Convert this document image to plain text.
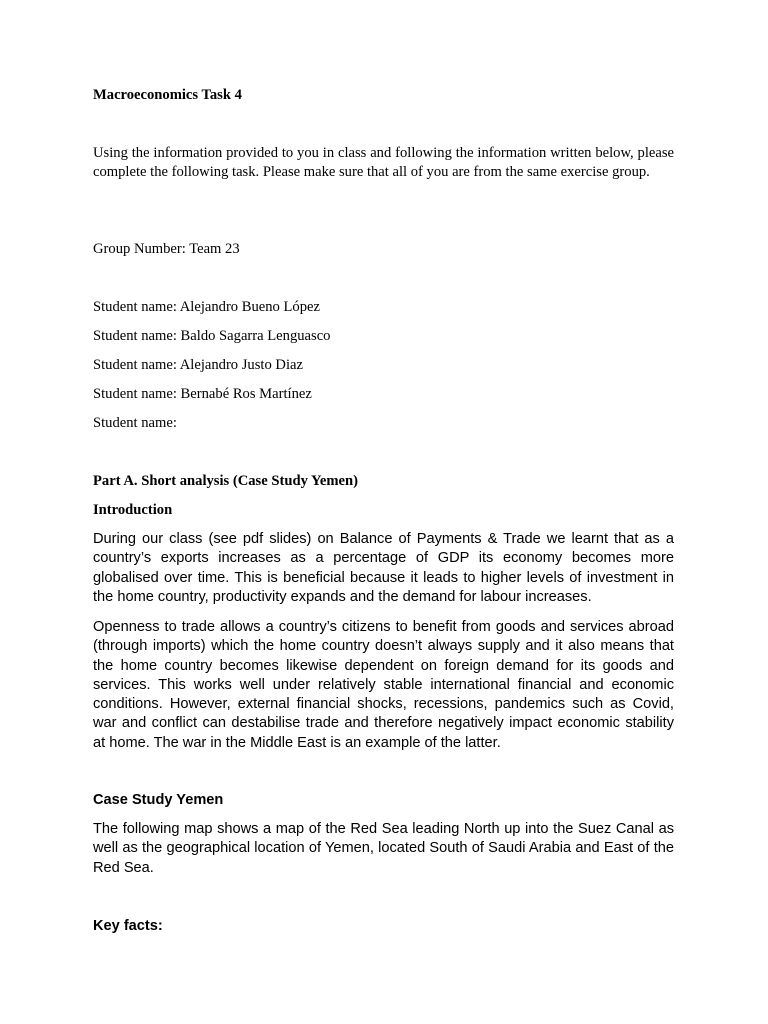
Macroeconomics Task 4

Using the information provided to you in class and following the information written below, please complete the following task. Please make sure that all of you are from the same exercise group.

Group Number: Team 23

Student name: Alejandro Bueno López

Student name: Baldo Sagarra Lenguasco

Student name: Alejandro Justo Diaz

Student name: Bernabé Ros Martínez

Student name:

Part A. Short analysis (Case Study Yemen)

Introduction

During our class (see pdf slides) on Balance of Payments & Trade we learnt that as a country’s exports increases as a percentage of GDP its economy becomes more globalised over time. This is beneficial because it leads to higher levels of investment in the home country, productivity expands and the demand for labour increases.

Openness to trade allows a country’s citizens to benefit from goods and services abroad (through imports) which the home country doesn’t always supply and it also means that the home country becomes likewise dependent on foreign demand for its goods and services. This works well under relatively stable international financial and economic conditions. However, external financial shocks, recessions, pandemics such as Covid, war and conflict can destabilise trade and therefore negatively impact economic stability at home. The war in the Middle East is an example of the latter.

Case Study Yemen

The following map shows a map of the Red Sea leading North up into the Suez Canal as well as the geographical location of Yemen, located South of Saudi Arabia and East of the Red Sea.

Key facts:
